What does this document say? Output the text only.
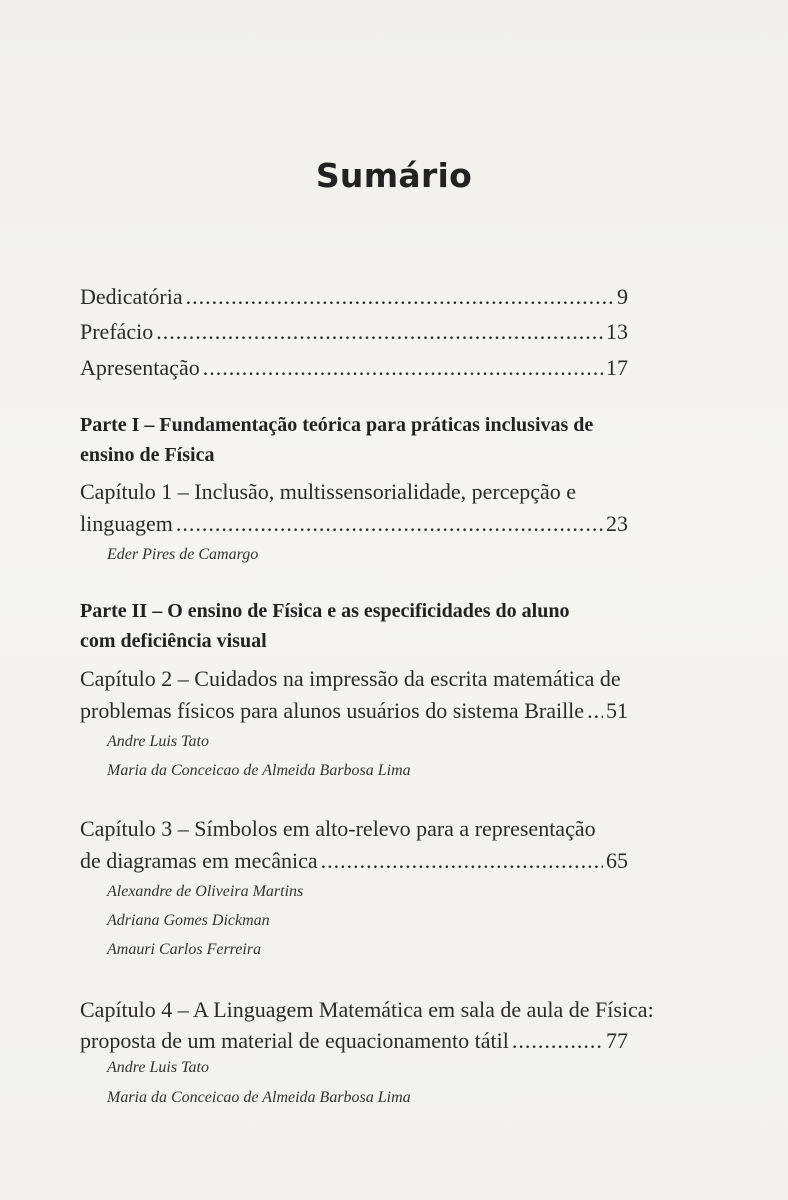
Sumário
Dedicatória .....	9
Prefácio .....	13
Apresentação .....	17
Parte I – Fundamentação teórica para práticas inclusivas de
ensino de Física
Capítulo 1 – Inclusão, multissensorialidade, percepção e
linguagem .....	23
Eder Pires de Camargo
Parte II – O ensino de Física e as especificidades do aluno
com deficiência visual
Capítulo 2 – Cuidados na impressão da escrita matemática de
problemas físicos para alunos usuários do sistema Braille ..... 51
Andre Luis Tato
Maria da Conceicao de Almeida Barbosa Lima
Capítulo 3 – Símbolos em alto-relevo para a representação
de diagramas em mecânica .....	65
Alexandre de Oliveira Martins
Adriana Gomes Dickman
Amauri Carlos Ferreira
Capítulo 4 – A Linguagem Matemática em sala de aula de Física:
proposta de um material de equacionamento tátil .....	77
Andre Luis Tato
Maria da Conceicao de Almeida Barbosa Lima
